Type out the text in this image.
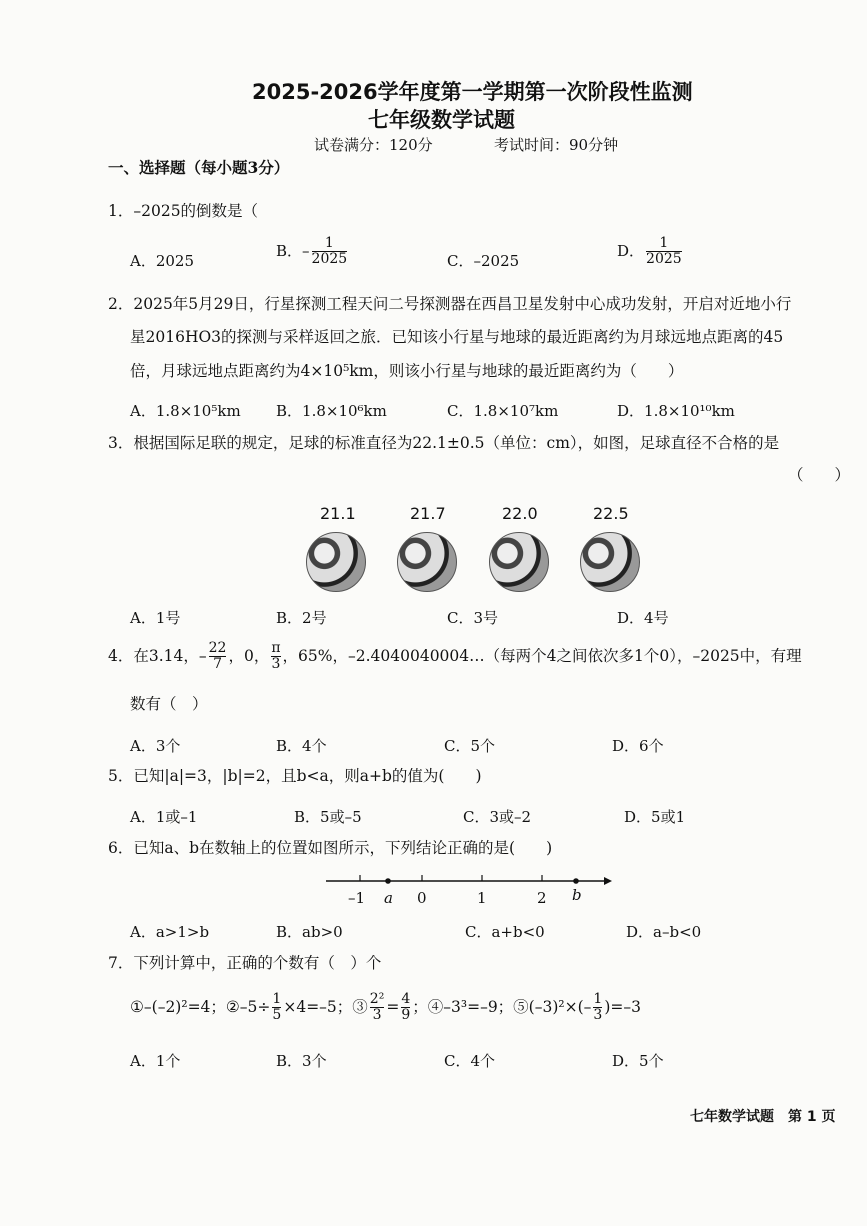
2025-2026学年度第一学期第一次阶段性监测
七年级数学试题
试卷满分：120分	考试时间：90分钟
一、选择题（每小题3分）
1．–2025的倒数是（
A．2025
B．– $\frac{1}{2025}$	C．–2025
D． $\frac{1}{2025}$
2．2025年5月29日，行星探测工程天问二号探测器在西昌卫星发射中心成功发射，开启对近地小行
星2016HO3的探测与采样返回之旅．已知该小行星与地球的最近距离约为月球远地点距离的45
倍，月球远地点距离约为4×10⁵km，则该小行星与地球的最近距离约为（　　）
A．1.8×10⁵km B．1.8×10⁶km	C．1.8×10⁷km	D．1.8×10¹⁰km
3．根据国际足联的规定，足球的标准直径为22.1±0.5（单位：cm），如图，足球直径不合格的是
（　　）
21.1	21.7	22.0	22.5
A．1号	B．2号	C．3号	D．4号
4．在3.14，– $\frac{22}{7}$ ，0， $\frac{\pi}{3}$ ，65%，–2.4040040004…（每两个4之间依次多1个0），–2025中，有理
数有（　）
A．3个	B．4个	C．5个	D．6个
5．已知|a|=3，|b|=2，且b<a，则a+b的值为(　　)
A．1或–1	B．5或–5	C．3或–2	D．5或1
6．已知a、b在数轴上的位置如图所示，下列结论正确的是(　　)
–1 a 0	1	2 b
A．a>1>b	B．ab>0	C．a+b<0	D．a–b<0
7．下列计算中，正确的个数有（　）个
①–(–2)²=4；②–5÷ $\frac{1}{5} \times 4=-5$；③ $\frac{\text{2²}}{3} = \frac{4}{9}$ ；④–3³=–9；⑤(–3)²×(– $\frac{1}{3} )=-3$
A．1个	B．3个	C．4个	D．5个
七年数学试题　第 1 页
